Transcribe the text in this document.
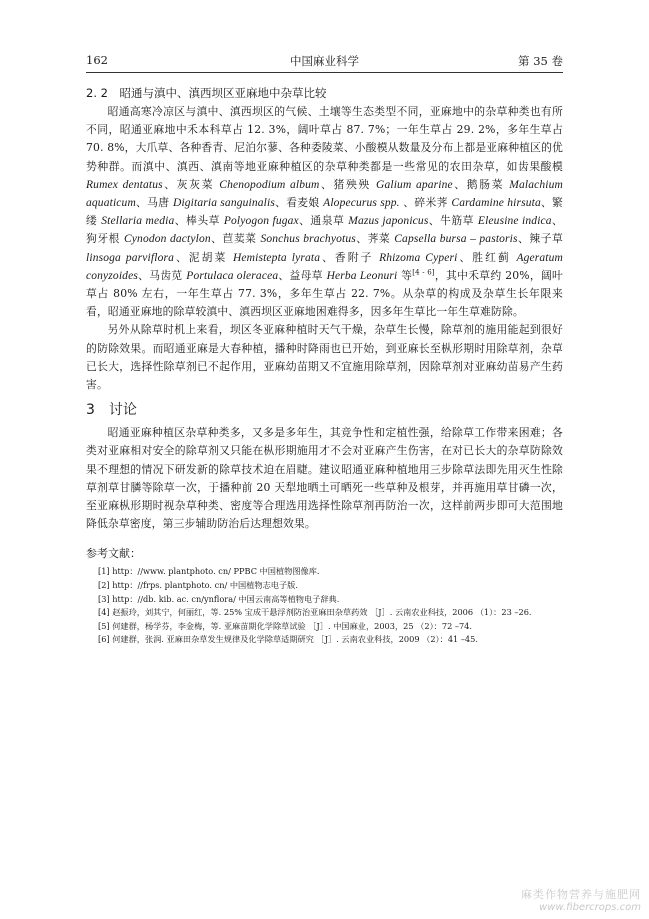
162	中国麻业科学	第 35 卷
2. 2　昭通与滇中、滇西坝区亚麻地中杂草比较

昭通高寒冷凉区与滇中、滇西坝区的气候、土壤等生态类型不同，亚麻地中的杂草种类也有所不同，昭通亚麻地中禾本科草占 12. 3%，阔叶草占 87. 7%；一年生草占 29. 2%，多年生草占 70. 8%，大爪草、各种香青、尼泊尔蓼、各种委陵菜、小酸模从数量及分布上都是亚麻种植区的优势种群。而滇中、滇西、滇南等地亚麻种植区的杂草种类都是一些常见的农田杂草，如齿果酸模 Rumex dentatus、灰灰菜 Chenopodium album、猪殃殃 Galium aparine、鹅肠菜 Malachium aquaticum、马唐 Digitaria sanguinalis、看麦娘 Alopecurus spp. 、碎米荠 Cardamine hirsuta、繁缕 Stellaria media、棒头草 Polyogon fugax、通泉草 Mazus japonicus、牛筋草 Eleusine indica、狗牙根 Cynodon dactylon、苣荬菜 Sonchus brachyotus、荠菜 Capsella bursa – pastoris、辣子草 linsoga parviflora、泥胡菜 Hemistepta lyrata、香附子 Rhizoma Cyperi、胜红蓟 Ageratum conyzoides、马齿苋 Portulaca oleracea、益母草 Herba Leonuri 等[4 - 6]，其中禾草约 20%，阔叶草占 80% 左右，一年生草占 77. 3%，多年生草占 22. 7%。从杂草的构成及杂草生长年限来看，昭通亚麻地的除草较滇中、滇西坝区亚麻地困难得多，因多年生草比一年生草难防除。

另外从除草时机上来看，坝区冬亚麻种植时天气干燥，杂草生长慢，除草剂的施用能起到很好的防除效果。而昭通亚麻是大春种植，播种时降雨也已开始，到亚麻长至枞形期时用除草剂，杂草已长大，选择性除草剂已不起作用，亚麻幼苗期又不宜施用除草剂，因除草剂对亚麻幼苗易产生药害。

3　讨论

昭通亚麻种植区杂草种类多，又多是多年生，其竞争性和定植性强，给除草工作带来困难；各类对亚麻相对安全的除草剂又只能在枞形期施用才不会对亚麻产生伤害，在对已长大的杂草防除效果不理想的情况下研发新的除草技术迫在眉睫。建议昭通亚麻种植地用三步除草法即先用灭生性除草剂草甘膦等除草一次，于播种前 20 天犁地晒土可晒死一些草种及根芽，并再施用草甘磷一次，至亚麻枞形期时视杂草种类、密度等合理选用选择性除草剂再防治一次，这样前两步即可大范围地降低杂草密度，第三步辅助防治后达理想效果。

参考文献：
[1] http：//www. plantphoto. cn/ PPBC 中国植物图像库.
[2] http：//frps. plantphoto. cn/ 中国植物志电子版.
[3] http：//db. kib. ac. cn/ynflora/ 中国云南高等植物电子辞典.
[4] 赵振玲，刘其宁，何丽红，等. 25% 宝成干悬浮剂防治亚麻田杂草药效 ［J］. 云南农业科技，2006 （1）：23 –26.
[5] 何建群，杨学芬，李金梅，等. 亚麻苗期化学除草试验 ［J］. 中国麻业，2003，25 （2）：72 –74.
[6] 何建群，张润. 亚麻田杂草发生规律及化学除草适期研究 ［J］. 云南农业科技，2009 （2）：41 –45.
麻类作物营养与施肥网
www.fibercrops.com
